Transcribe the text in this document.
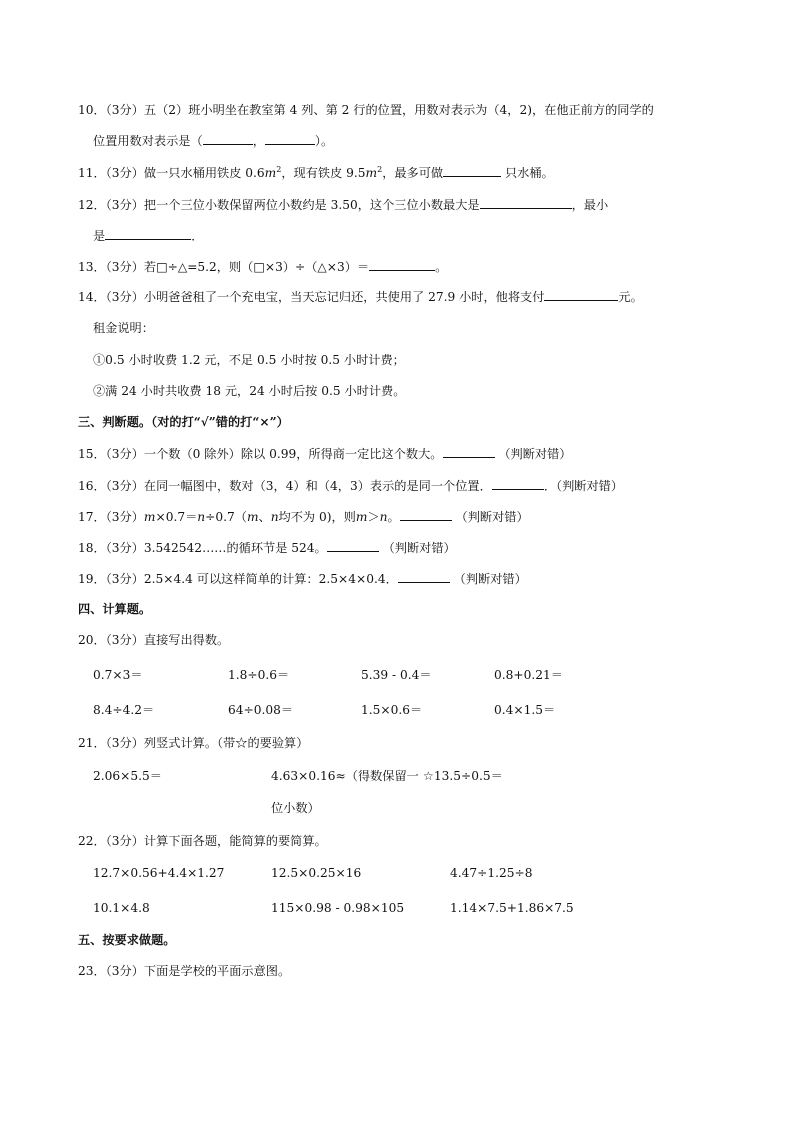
10．（3分）五（2）班小明坐在教室第 4 列、第 2 行的位置，用数对表示为（4，2)，在他正前方的同学的
位置用数对表示是（	，	）。
11．（3分）做一只水桶用铁皮 $0.6m^2$，现有铁皮 $9.5m^2$，最多可做	只水桶。
12．（3分）把一个三位小数保留两位小数约是 3.50，这个三位小数最大是	，最小
是	．
13．（3分）若□÷△=5.2，则（□×3）÷（△×3）＝	。
14．（3分）小明爸爸租了一个充电宝，当天忘记归还，共使用了 27.9 小时，他将支付	元。
租金说明：
①0.5 小时收费 1.2 元，不足 0.5 小时按 0.5 小时计费；
②满 24 小时共收费 18 元，24 小时后按 0.5 小时计费。
三、判断题。（对的打“√”错的打“×”）
15．（3分）一个数（0 除外）除以 0.99，所得商一定比这个数大。	（判断对错）
16．（3分）在同一幅图中，数对（3，4）和（4，3）表示的是同一个位置．	．（判断对错）
17．（3分）m×0.7＝n÷0.7（m、n均不为 0)，则m＞n。	（判断对错）
18．（3分）3.542542……的循环节是 524。	（判断对错）
19．（3分）2.5×4.4 可以这样简单的计算：2.5×4×0.4．	（判断对错）
四、计算题。
20．（3分）直接写出得数。
0.7×3＝	1.8÷0.6＝	5.39 - 0.4＝	0.8+0.21＝
8.4÷4.2＝	64÷0.08＝	1.5×0.6＝	0.4×1.5＝
21．（3分）列竖式计算。（带☆的要验算）
2.06×5.5＝	4.63×0.16≈（得数保留一 ☆13.5÷0.5＝
位小数）
22．（3分）计算下面各题，能简算的要简算。
12.7×0.56+4.4×1.27	12.5×0.25×16	4.47÷1.25÷8
10.1×4.8	115×0.98 - 0.98×105	1.14×7.5+1.86×7.5
五、按要求做题。
23．（3分）下面是学校的平面示意图。
